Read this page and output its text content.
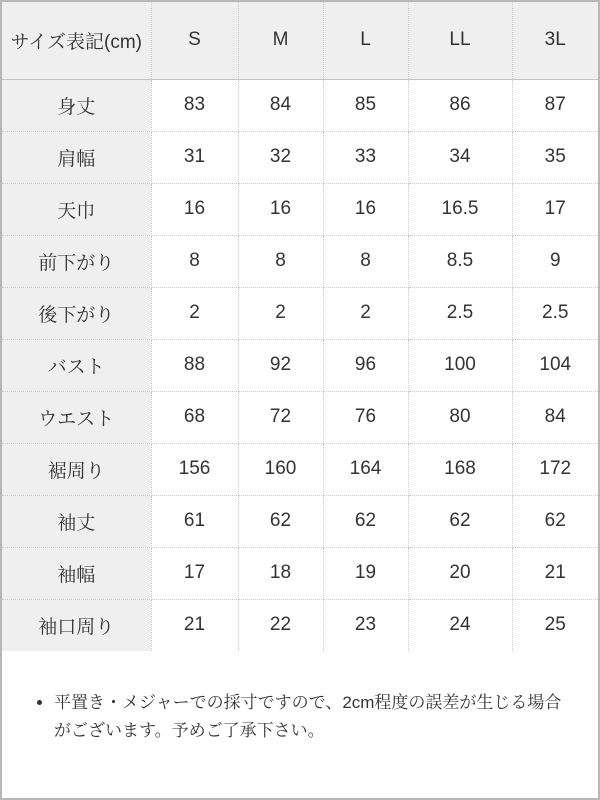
サイズ表記(cm)	S	M	L	LL	3L
身丈	83	84	85	86	87
肩幅	31	32	33	34	35
天巾	16	16	16	16.5	17
前下がり	8	8	8	8.5	9
後下がり	2	2	2	2.5	2.5
バスト	88	92	96	100	104
ウエスト	68	72	76	80	84
裾周り	156	160	164	168	172
袖丈	61	62	62	62	62
袖幅	17	18	19	20	21
袖口周り	21	22	23	24	25
• 平置き・メジャーでの採寸ですので、2cm程度の誤差が生じる場合がございます。予めご了承下さい。
